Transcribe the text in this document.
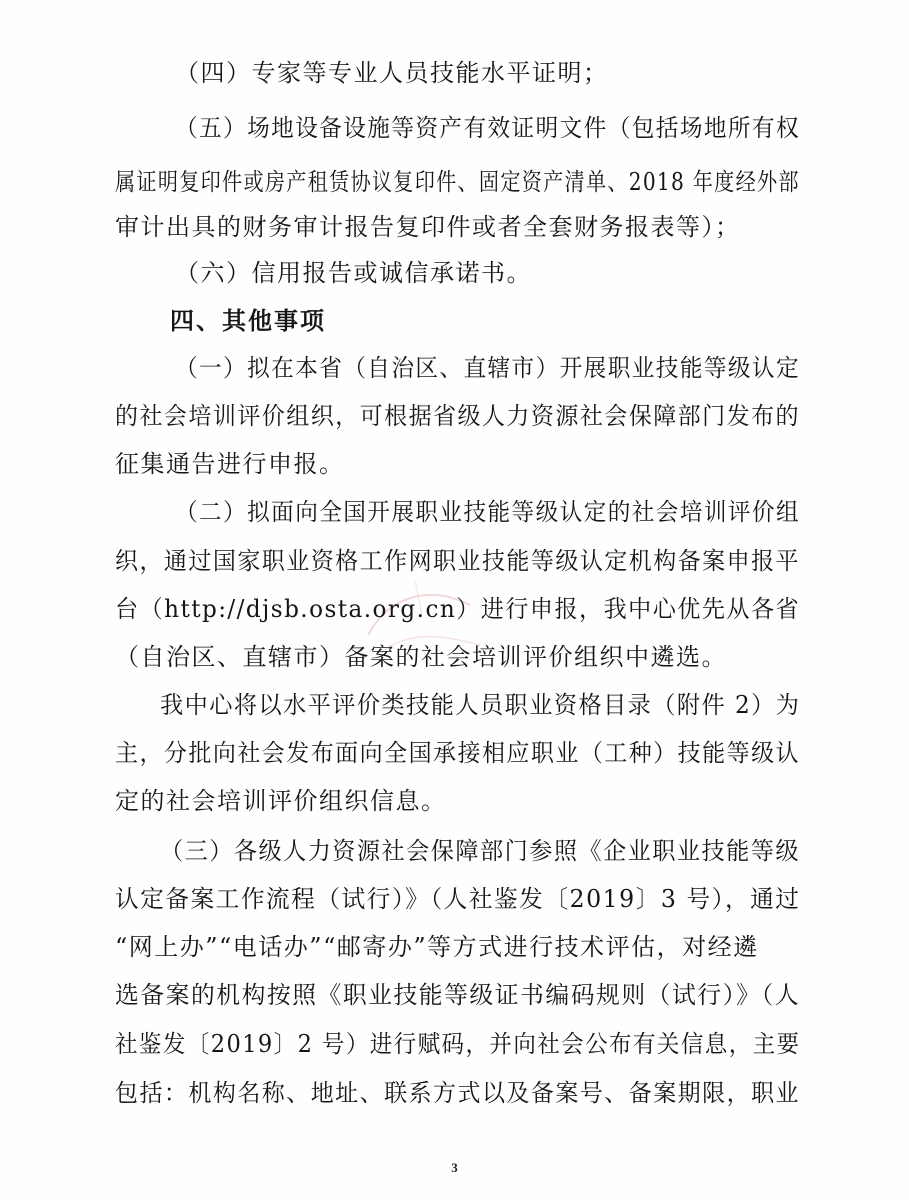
（四）专家等专业人员技能水平证明；
（五）场地设备设施等资产有效证明文件（包括场地所有权
属证明复印件或房产租赁协议复印件、固定资产清单、2018 年度经外部
审计出具的财务审计报告复印件或者全套财务报表等）；
（六）信用报告或诚信承诺书。
四、其他事项
（一）拟在本省（自治区、直辖市）开展职业技能等级认定
的社会培训评价组织，可根据省级人力资源社会保障部门发布的
征集通告进行申报。
（二）拟面向全国开展职业技能等级认定的社会培训评价组
织，通过国家职业资格工作网职业技能等级认定机构备案申报平
台（http://djsb.osta.org.cn）进行申报，我中心优先从各省
（自治区、直辖市）备案的社会培训评价组织中遴选。
我中心将以水平评价类技能人员职业资格目录（附件 2）为
主，分批向社会发布面向全国承接相应职业（工种）技能等级认
定的社会培训评价组织信息。
（三）各级人力资源社会保障部门参照《企业职业技能等级
认定备案工作流程（试行）》（人社鉴发〔2019〕3 号），通过
“网上办”“电话办”“邮寄办”等方式进行技术评估，对经遴
选备案的机构按照《职业技能等级证书编码规则（试行）》（人
社鉴发〔2019〕2 号）进行赋码，并向社会公布有关信息，主要
包括：机构名称、地址、联系方式以及备案号、备案期限，职业
3
